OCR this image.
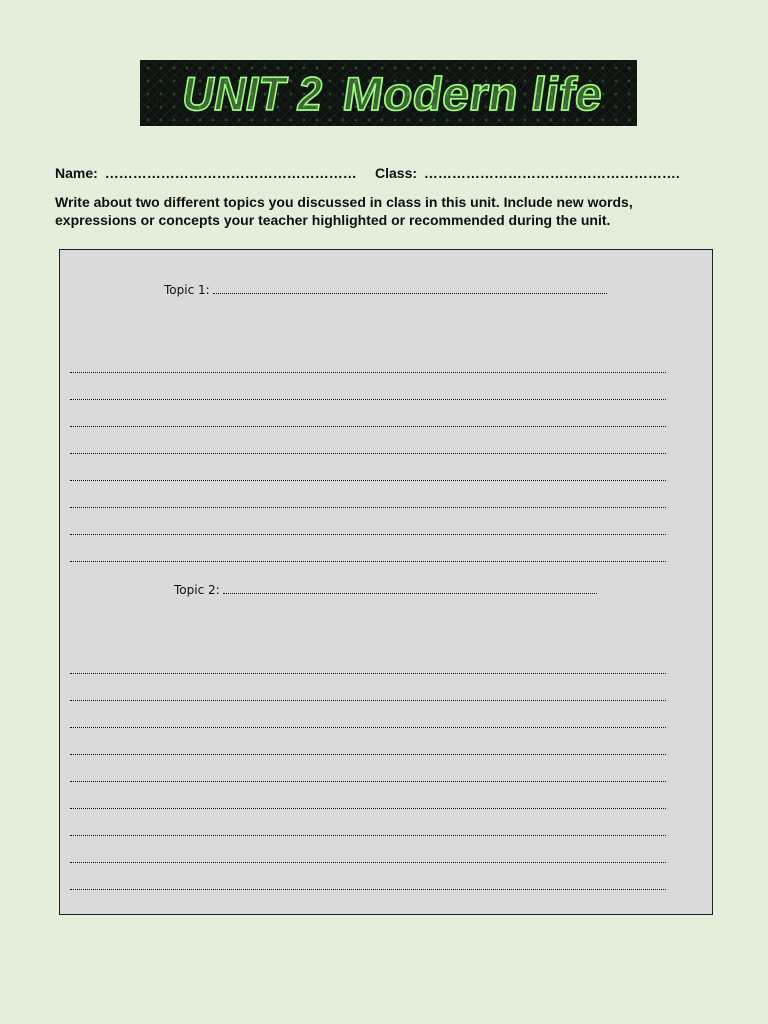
UNIT 2 Modern life
Name: ……………………………………………… Class: ……………………………………………….
Write about two different topics you discussed in class in this unit. Include new words, expressions or concepts your teacher highlighted or recommended during the unit.
Topic 1:
Topic 2:
